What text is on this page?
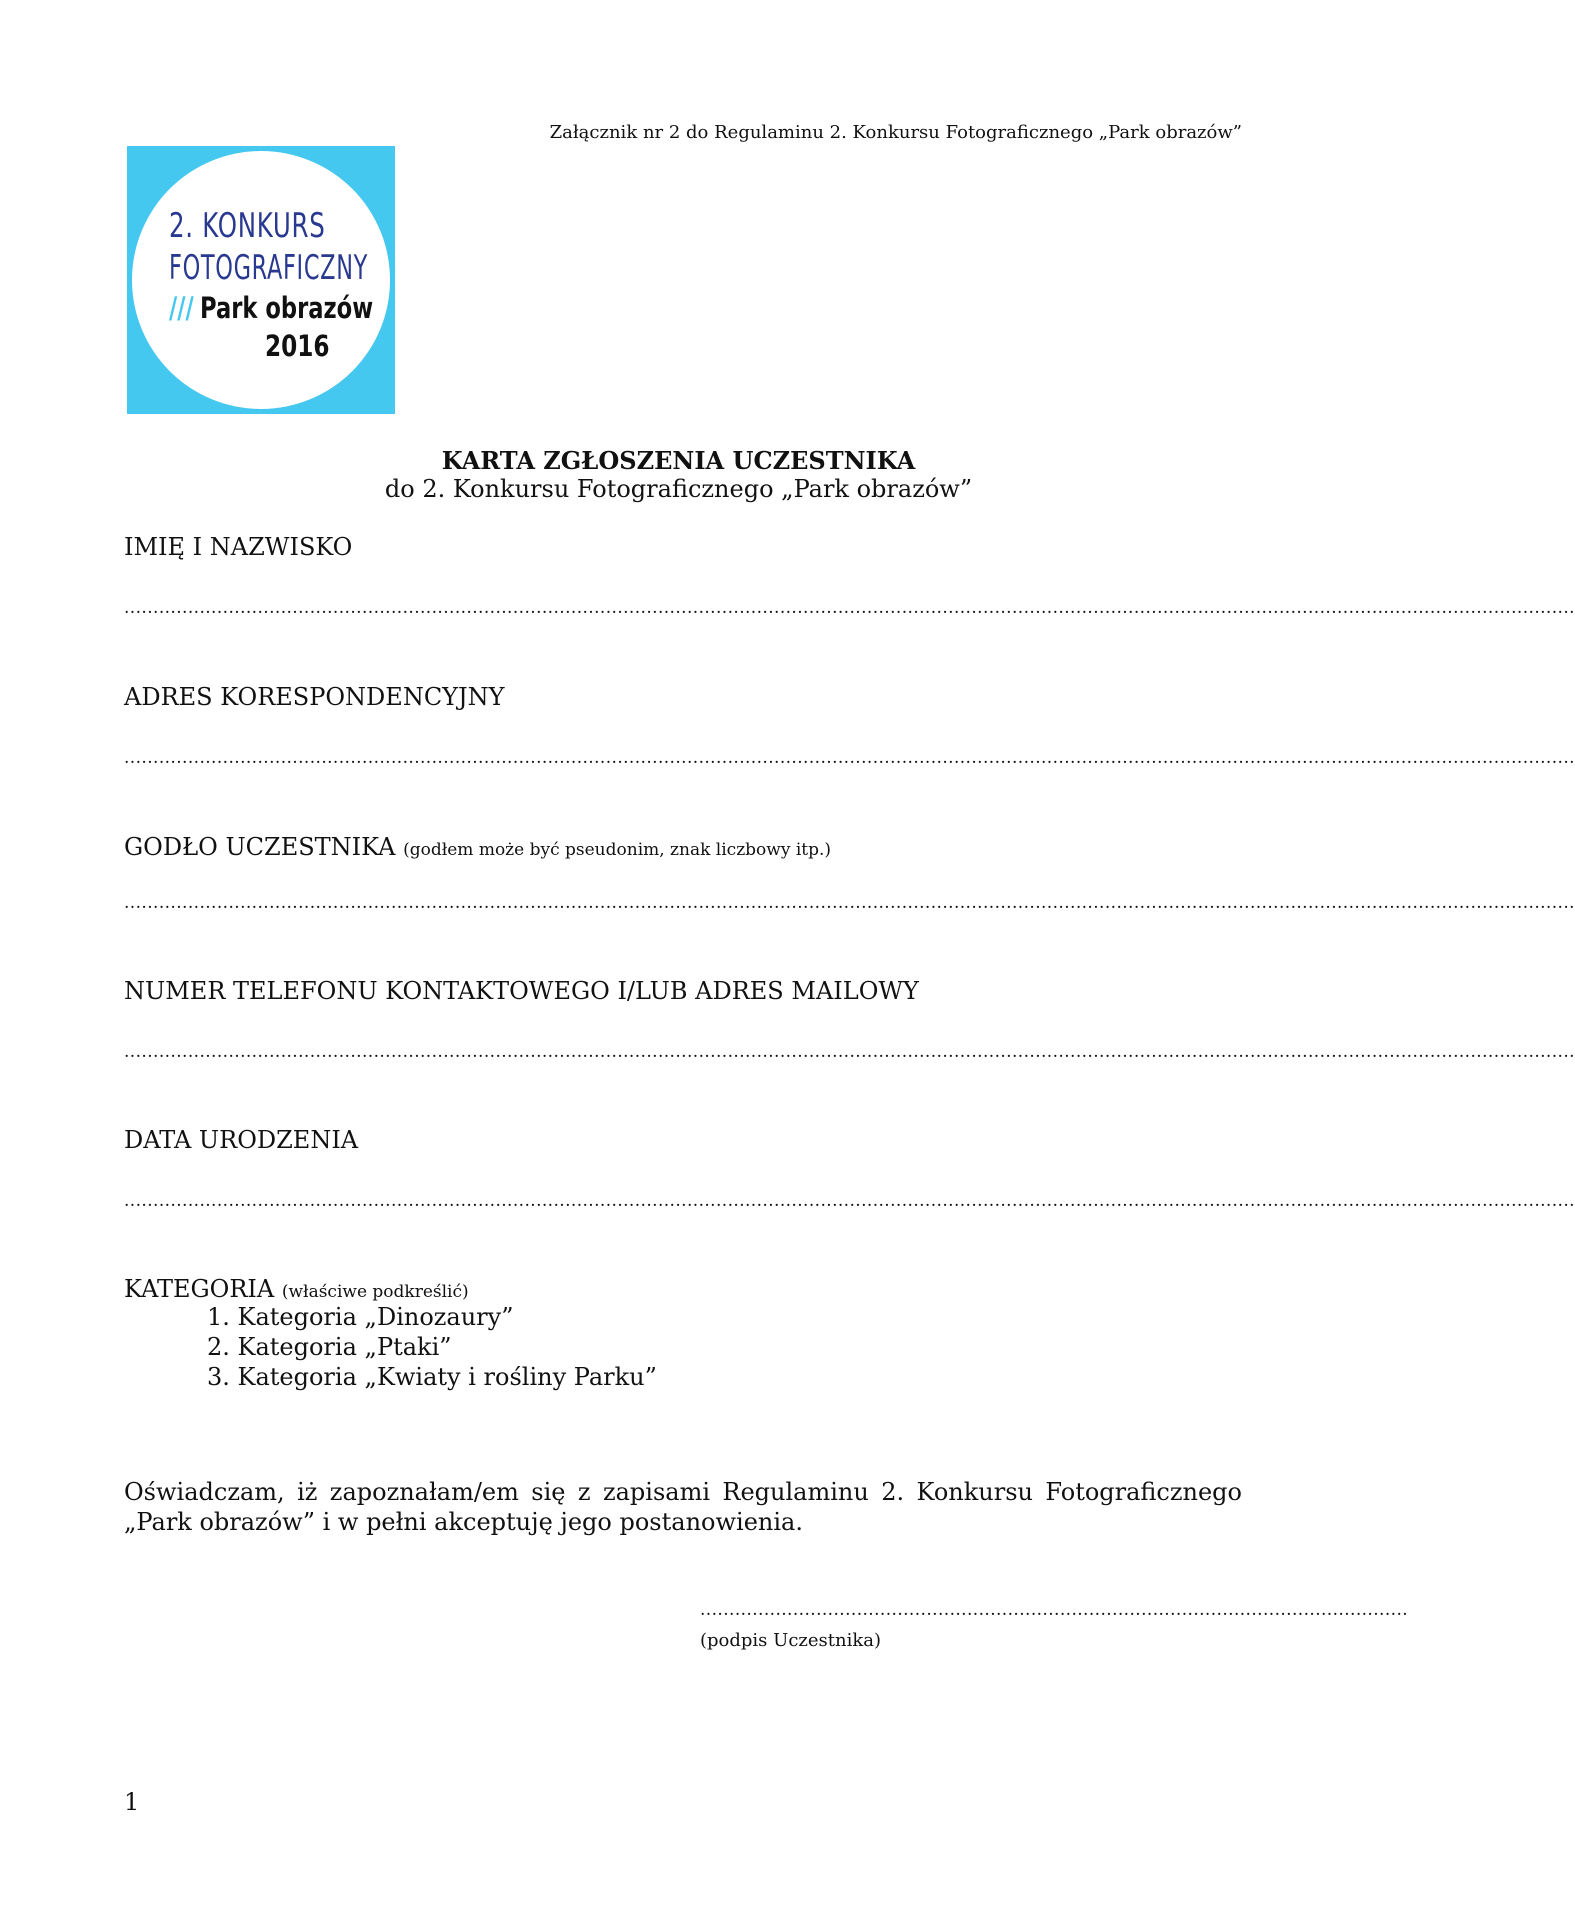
Załącznik nr 2 do Regulaminu 2. Konkursu Fotograficznego „Park obrazów”
2. KONKURS
FOTOGRAFICZNY
/// Park obrazów
2016
KARTA ZGŁOSZENIA UCZESTNIKA
do 2. Konkursu Fotograficznego „Park obrazów”
IMIĘ I NAZWISKO
..........................................................................................................................................................................................................................................................
ADRES KORESPONDENCYJNY
..........................................................................................................................................................................................................................................................
GODŁO UCZESTNIKA (godłem może być pseudonim, znak liczbowy itp.)
..........................................................................................................................................................................................................................................................
NUMER TELEFONU KONTAKTOWEGO I/LUB ADRES MAILOWY
..........................................................................................................................................................................................................................................................
DATA URODZENIA
..........................................................................................................................................................................................................................................................
KATEGORIA (właściwe podkreślić)
1. Kategoria „Dinozaury”
2. Kategoria „Ptaki”
3. Kategoria „Kwiaty i rośliny Parku”
Oświadczam, iż zapoznałam/em się z zapisami Regulaminu 2. Konkursu Fotograficznego „Park obrazów” i w pełni akceptuję jego postanowienia.
..........................................................................................................................
(podpis Uczestnika)
1
